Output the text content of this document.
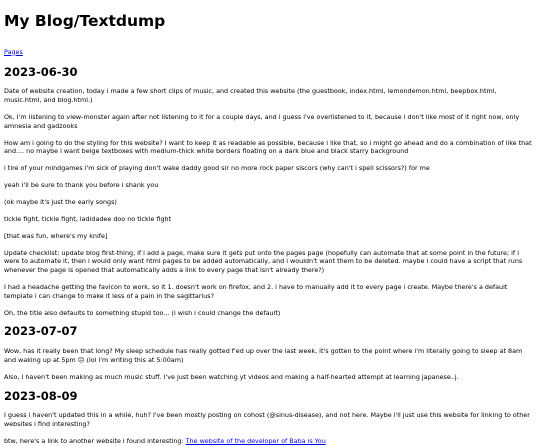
My Blog/Textdump
Pages
2023-06-30

Date of website creation, today i made a few short clips of music, and created this website (the guestbook, index.html, lemondemon.html, beepbox.html, music.html, and blog.html.)

Ok, I'm listening to view-monster again after not listening to it for a couple days, and i guess i've overlistened to it, because i don't like most of it right now, only amnesia and gadzooks

How am i going to do the styling for this website? I want to keep it as readable as possible, because i like that, so i might go ahead and do a combination of like that and.... no maybe i want beige textboxes with medium-thick white borders floating on a dark blue and black starry background

i tire of your mindgames i'm sick of playing don't wake daddy good sir no more rock paper siscors (why can't i spell scissors?) for me

yeah i'll be sure to thank you before i shank you

(ok maybe it's just the early songs)

tickle fight, tickle fight, ladidadee doo no tickle fight

[that was fun, where's my knife]

Update checklist: update blog first-thing, if i add a page, make sure it gets put onto the pages page (hopefully can automate that at some point in the future; if i were to automate it, then i would only want html pages to be added automatically, and i wouldn't want them to be deleted. maybe i could have a script that runs whenever the page is opened that automatically adds a link to every page that isn't already there?)

I had a headache getting the favicon to work, so it 1. doesn't work on firefox, and 2. i have to manually add it to every page i create. Maybe there's a default template i can change to make it less of a pain in the sagittarius?

Oh, the title also defaults to something stupid too... (i wish i could change the default)

2023-07-07

Wow, has it really been that long? My sleep schedule has really gotted f'ed up over the last week, it's gotten to the point where i'm literally going to sleep at 8am and waking up at 5pm ☹ (lol i'm writing this at 5:00am)

Also, I haven't been making as much music stuff. I've just been watching yt videos and making a half-hearted attempt at learning japanese..j.

2023-08-09

I guess i haven't updated this in a while, huh? I've been mostly posting on cohost (@sinus-disease), and not here. Maybe i'll just use this website for linking to other websites i find interesting?

btw, here's a link to another website i found interesting: The website of the developer of Baba is You
